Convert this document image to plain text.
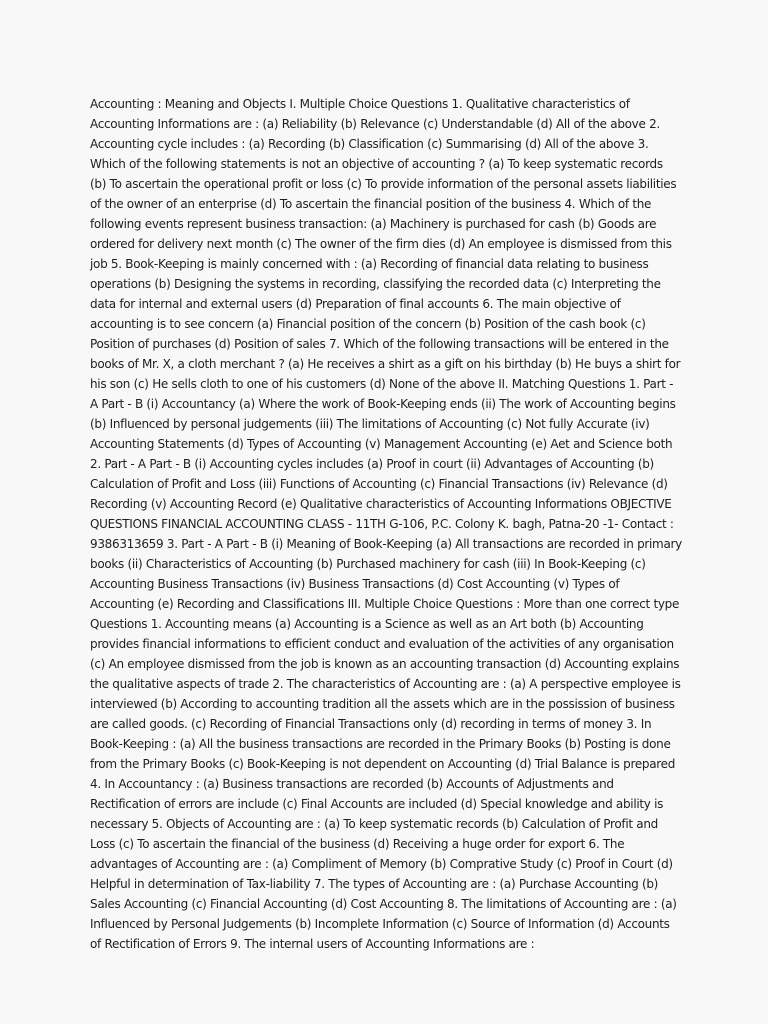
Accounting : Meaning and Objects I. Multiple Choice Questions 1. Qualitative characteristics of Accounting Informations are : (a) Reliability (b) Relevance (c) Understandable (d) All of the above 2. Accounting cycle includes : (a) Recording (b) Classification (c) Summarising (d) All of the above 3. Which of the following statements is not an objective of accounting ? (a) To keep systematic records (b) To ascertain the operational profit or loss (c) To provide information of the personal assets liabilities of the owner of an enterprise (d) To ascertain the financial position of the business 4. Which of the following events represent business transaction: (a) Machinery is purchased for cash (b) Goods are ordered for delivery next month (c) The owner of the firm dies (d) An employee is dismissed from this job 5. Book-Keeping is mainly concerned with : (a) Recording of financial data relating to business operations (b) Designing the systems in recording, classifying the recorded data (c) Interpreting the data for internal and external users (d) Preparation of final accounts 6. The main objective of accounting is to see concern (a) Financial position of the concern (b) Position of the cash book (c) Position of purchases (d) Position of sales 7. Which of the following transactions will be entered in the books of Mr. X, a cloth merchant ? (a) He receives a shirt as a gift on his birthday (b) He buys a shirt for his son (c) He sells cloth to one of his customers (d) None of the above II. Matching Questions 1. Part - A Part - B (i) Accountancy (a) Where the work of Book-Keeping ends (ii) The work of Accounting begins (b) Influenced by personal judgements (iii) The limitations of Accounting (c) Not fully Accurate (iv) Accounting Statements (d) Types of Accounting (v) Management Accounting (e) Aet and Science both 2. Part - A Part - B (i) Accounting cycles includes (a) Proof in court (ii) Advantages of Accounting (b) Calculation of Profit and Loss (iii) Functions of Accounting (c) Financial Transactions (iv) Relevance (d) Recording (v) Accounting Record (e) Qualitative characteristics of Accounting Informations OBJECTIVE QUESTIONS FINANCIAL ACCOUNTING CLASS - 11TH G-106, P.C. Colony K. bagh, Patna-20 -1- Contact : 9386313659 3. Part - A Part - B (i) Meaning of Book-Keeping (a) All transactions are recorded in primary books (ii) Characteristics of Accounting (b) Purchased machinery for cash (iii) In Book-Keeping (c) Accounting Business Transactions (iv) Business Transactions (d) Cost Accounting (v) Types of Accounting (e) Recording and Classifications III. Multiple Choice Questions : More than one correct type Questions 1. Accounting means (a) Accounting is a Science as well as an Art both (b) Accounting provides financial informations to efficient conduct and evaluation of the activities of any organisation (c) An employee dismissed from the job is known as an accounting transaction (d) Accounting explains the qualitative aspects of trade 2. The characteristics of Accounting are : (a) A perspective employee is interviewed (b) According to accounting tradition all the assets which are in the possission of business are called goods. (c) Recording of Financial Transactions only (d) recording in terms of money 3. In Book-Keeping : (a) All the business transactions are recorded in the Primary Books (b) Posting is done from the Primary Books (c) Book-Keeping is not dependent on Accounting (d) Trial Balance is prepared 4. In Accountancy : (a) Business transactions are recorded (b) Accounts of Adjustments and Rectification of errors are include (c) Final Accounts are included (d) Special knowledge and ability is necessary 5. Objects of Accounting are : (a) To keep systematic records (b) Calculation of Profit and Loss (c) To ascertain the financial of the business (d) Receiving a huge order for export 6. The advantages of Accounting are : (a) Compliment of Memory (b) Comprative Study (c) Proof in Court (d) Helpful in determination of Tax-liability 7. The types of Accounting are : (a) Purchase Accounting (b) Sales Accounting (c) Financial Accounting (d) Cost Accounting 8. The limitations of Accounting are : (a) Influenced by Personal Judgements (b) Incomplete Information (c) Source of Information (d) Accounts of Rectification of Errors 9. The internal users of Accounting Informations are :
